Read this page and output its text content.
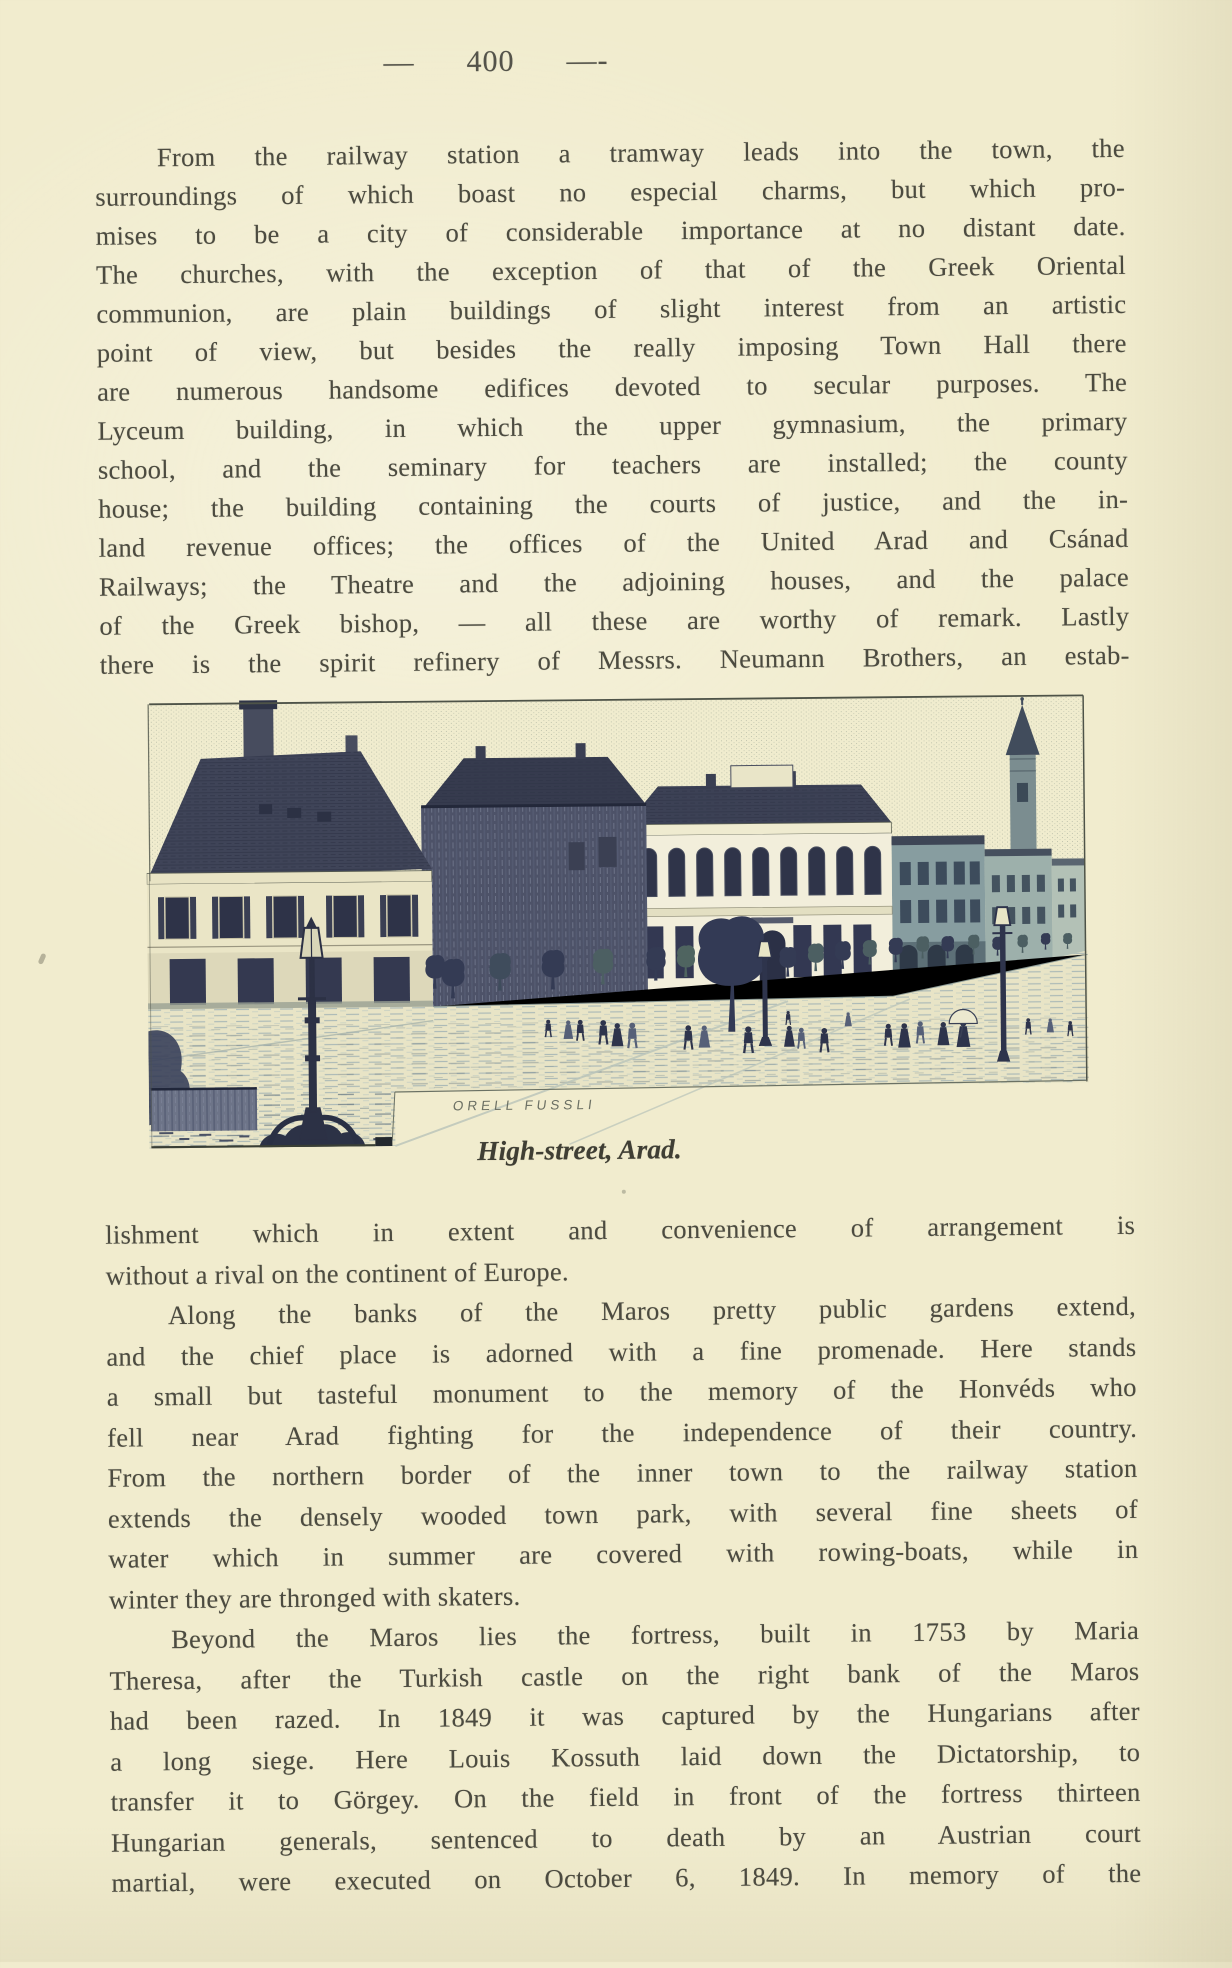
— 400 —-
From the railway station a tramway leads into the town, the
surroundings of which boast no especial charms, but which pro-
mises to be a city of considerable importance at no distant date.
The churches, with the exception of that of the Greek Oriental
communion, are plain buildings of slight interest from an artistic
point of view, but besides the really imposing Town Hall there
are numerous handsome edifices devoted to secular purposes. The
Lyceum building, in which the upper gymnasium, the primary
school, and the seminary for teachers are installed; the county
house; the building containing the courts of justice, and the in-
land revenue offices; the offices of the United Arad and Csánad
Railways; the Theatre and the adjoining houses, and the palace
of the Greek bishop, — all these are worthy of remark. Lastly
there is the spirit refinery of Messrs. Neumann Brothers, an estab-
ORELL FUSSLI
High-street, Arad.
lishment which in extent and convenience of arrangement is
without a rival on the continent of Europe.
Along the banks of the Maros pretty public gardens extend,
and the chief place is adorned with a fine promenade. Here stands
a small but tasteful monument to the memory of the Honvéds who
fell near Arad fighting for the independence of their country.
From the northern border of the inner town to the railway station
extends the densely wooded town park, with several fine sheets of
water which in summer are covered with rowing-boats, while in
winter they are thronged with skaters.
Beyond the Maros lies the fortress, built in 1753 by Maria
Theresa, after the Turkish castle on the right bank of the Maros
had been razed. In 1849 it was captured by the Hungarians after
a long siege. Here Louis Kossuth laid down the Dictatorship, to
transfer it to Görgey. On the field in front of the fortress thirteen
Hungarian generals, sentenced to death by an Austrian court
martial, were executed on October 6, 1849. In memory of the
